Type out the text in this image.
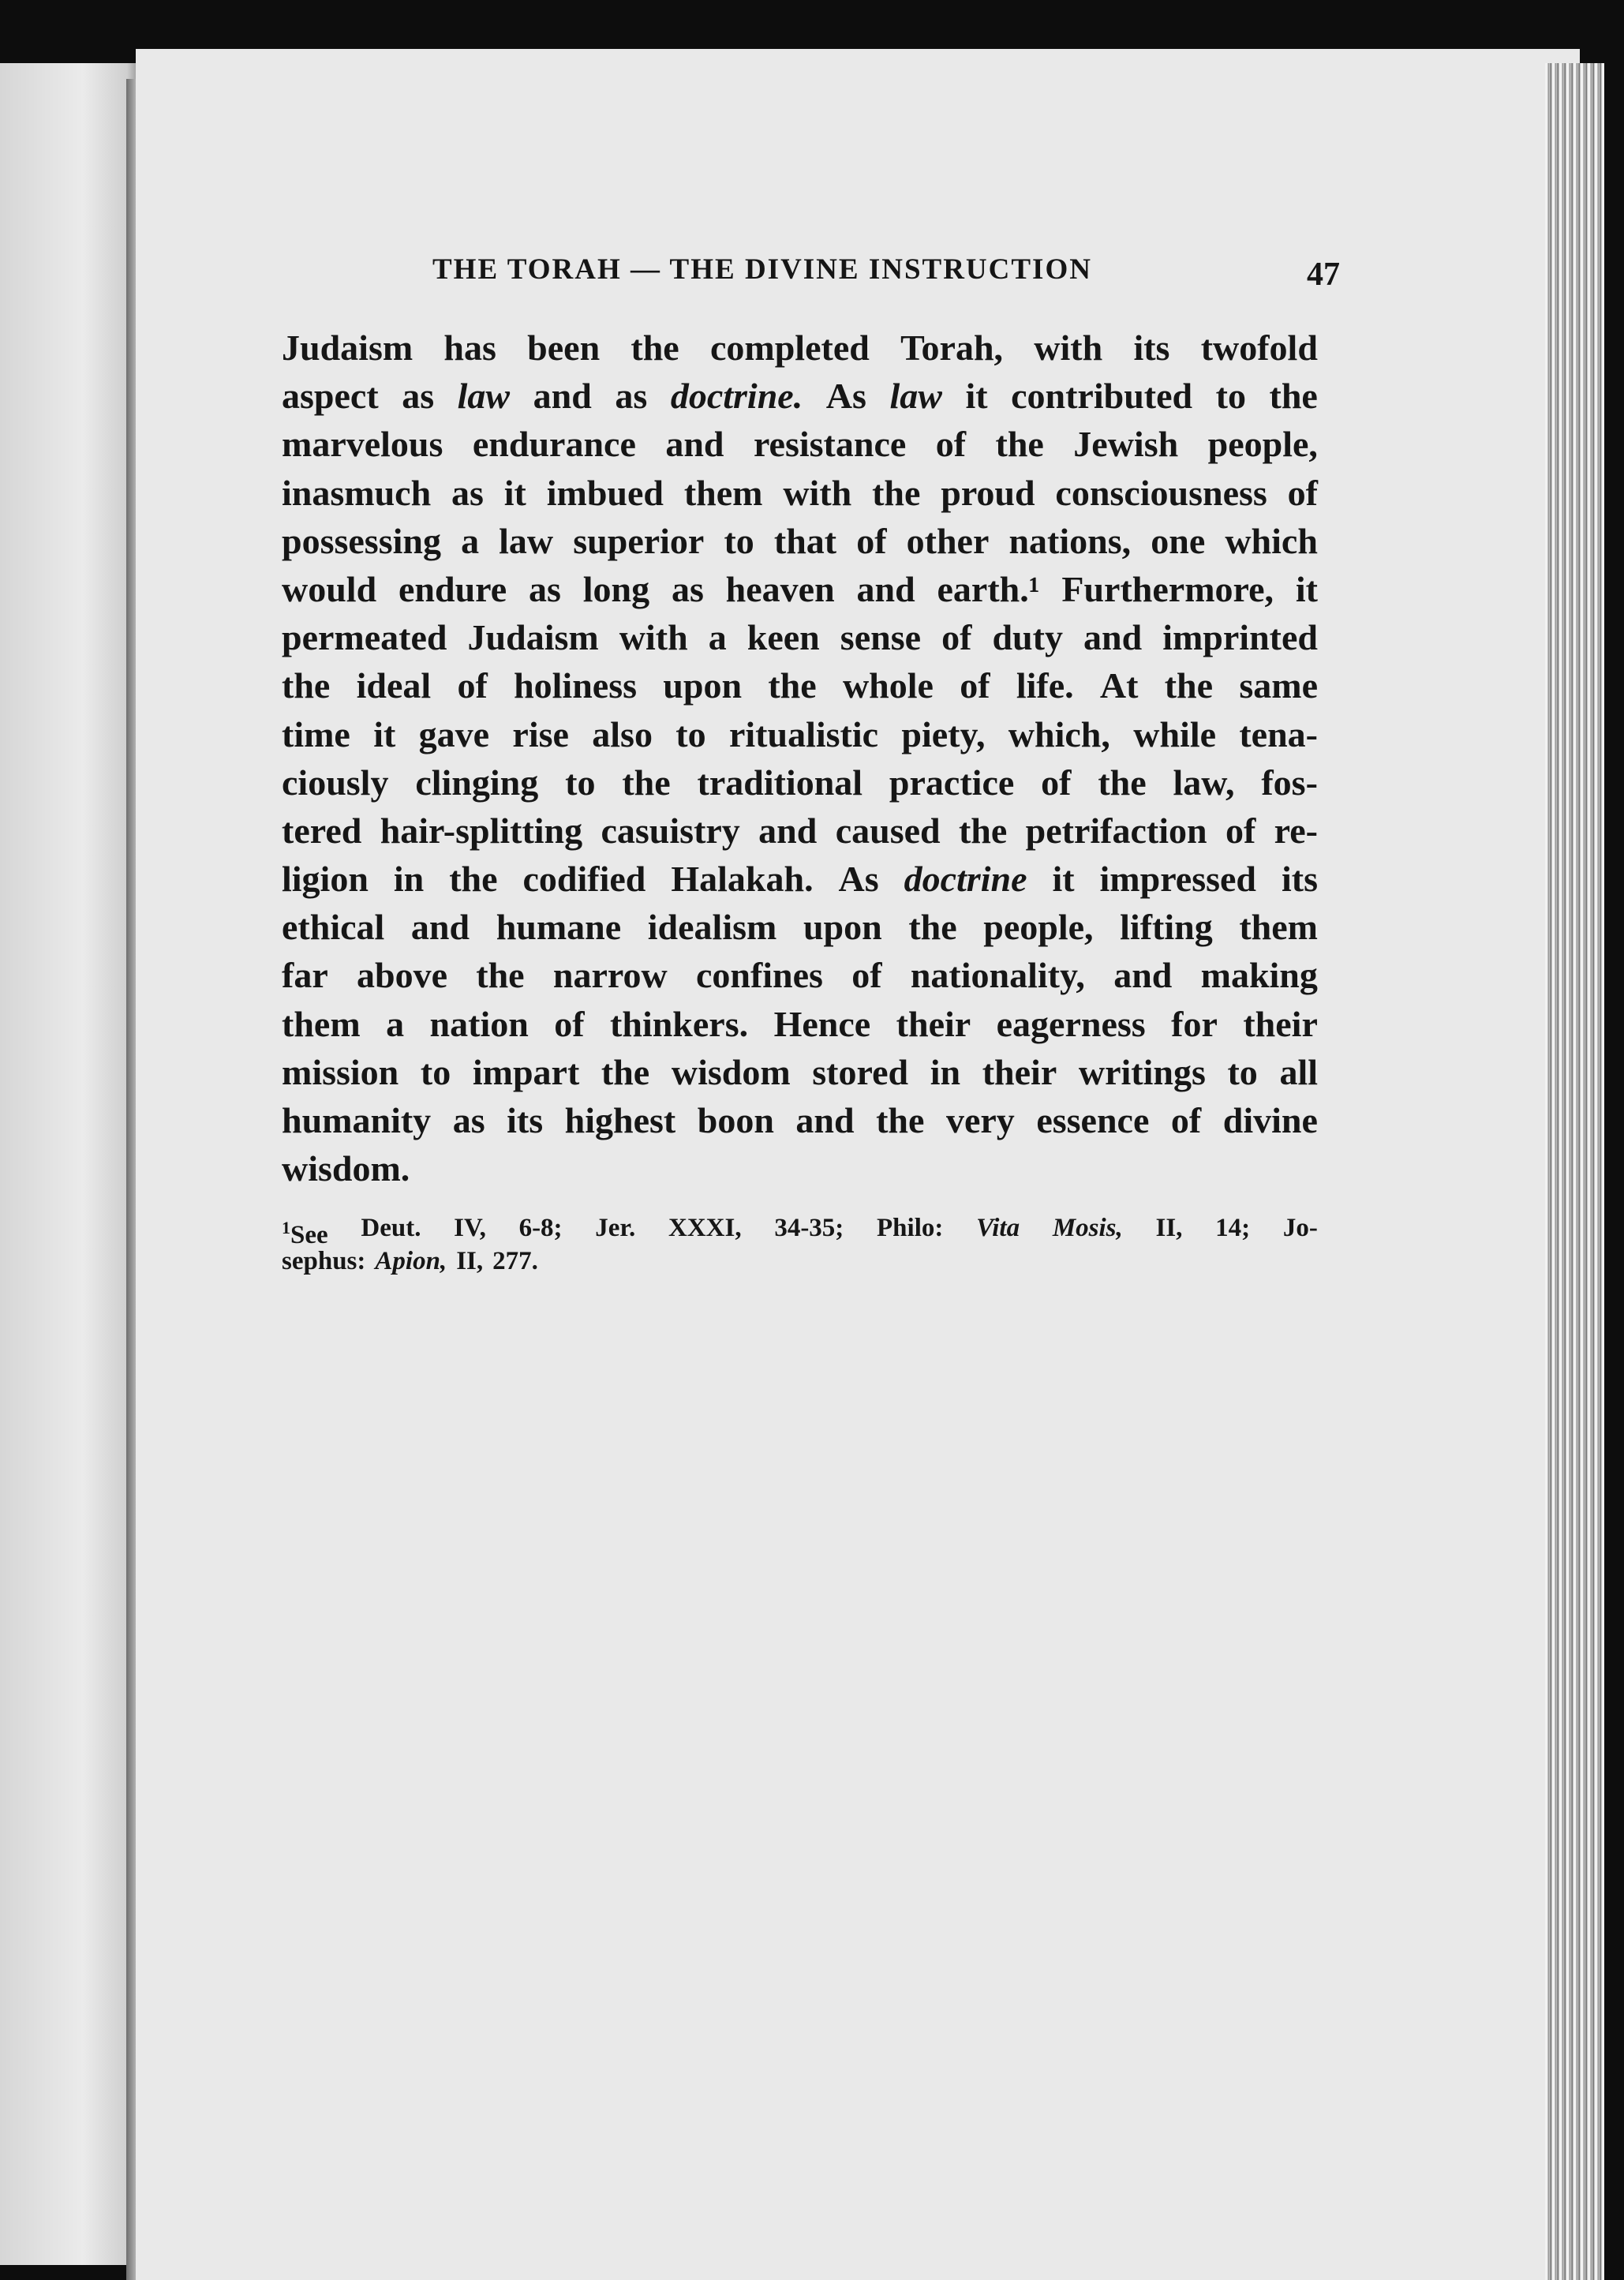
THE TORAH — THE DIVINE INSTRUCTION	47
Judaism has been the completed Torah, with its twofold
aspect as law and as doctrine. As law it contributed to the
marvelous endurance and resistance of the Jewish people,
inasmuch as it imbued them with the proud consciousness of
possessing a law superior to that of other nations, one which
would endure as long as heaven and earth.¹ Furthermore, it
permeated Judaism with a keen sense of duty and imprinted
the ideal of holiness upon the whole of life. At the same
time it gave rise also to ritualistic piety, which, while tena-
ciously clinging to the traditional practice of the law, fos-
tered hair-splitting casuistry and caused the petrifaction of re-
ligion in the codified Halakah. As doctrine it impressed its
ethical and humane idealism upon the people, lifting them
far above the narrow confines of nationality, and making
them a nation of thinkers. Hence their eagerness for their
mission to impart the wisdom stored in their writings to all
humanity as its highest boon and the very essence of divine
wisdom.
$^1$See Deut. IV, 6-8; Jer. XXXI, 34-35; Philo: Vita Mosis, II, 14; Jo-
sephus: Apion, II, 277.
